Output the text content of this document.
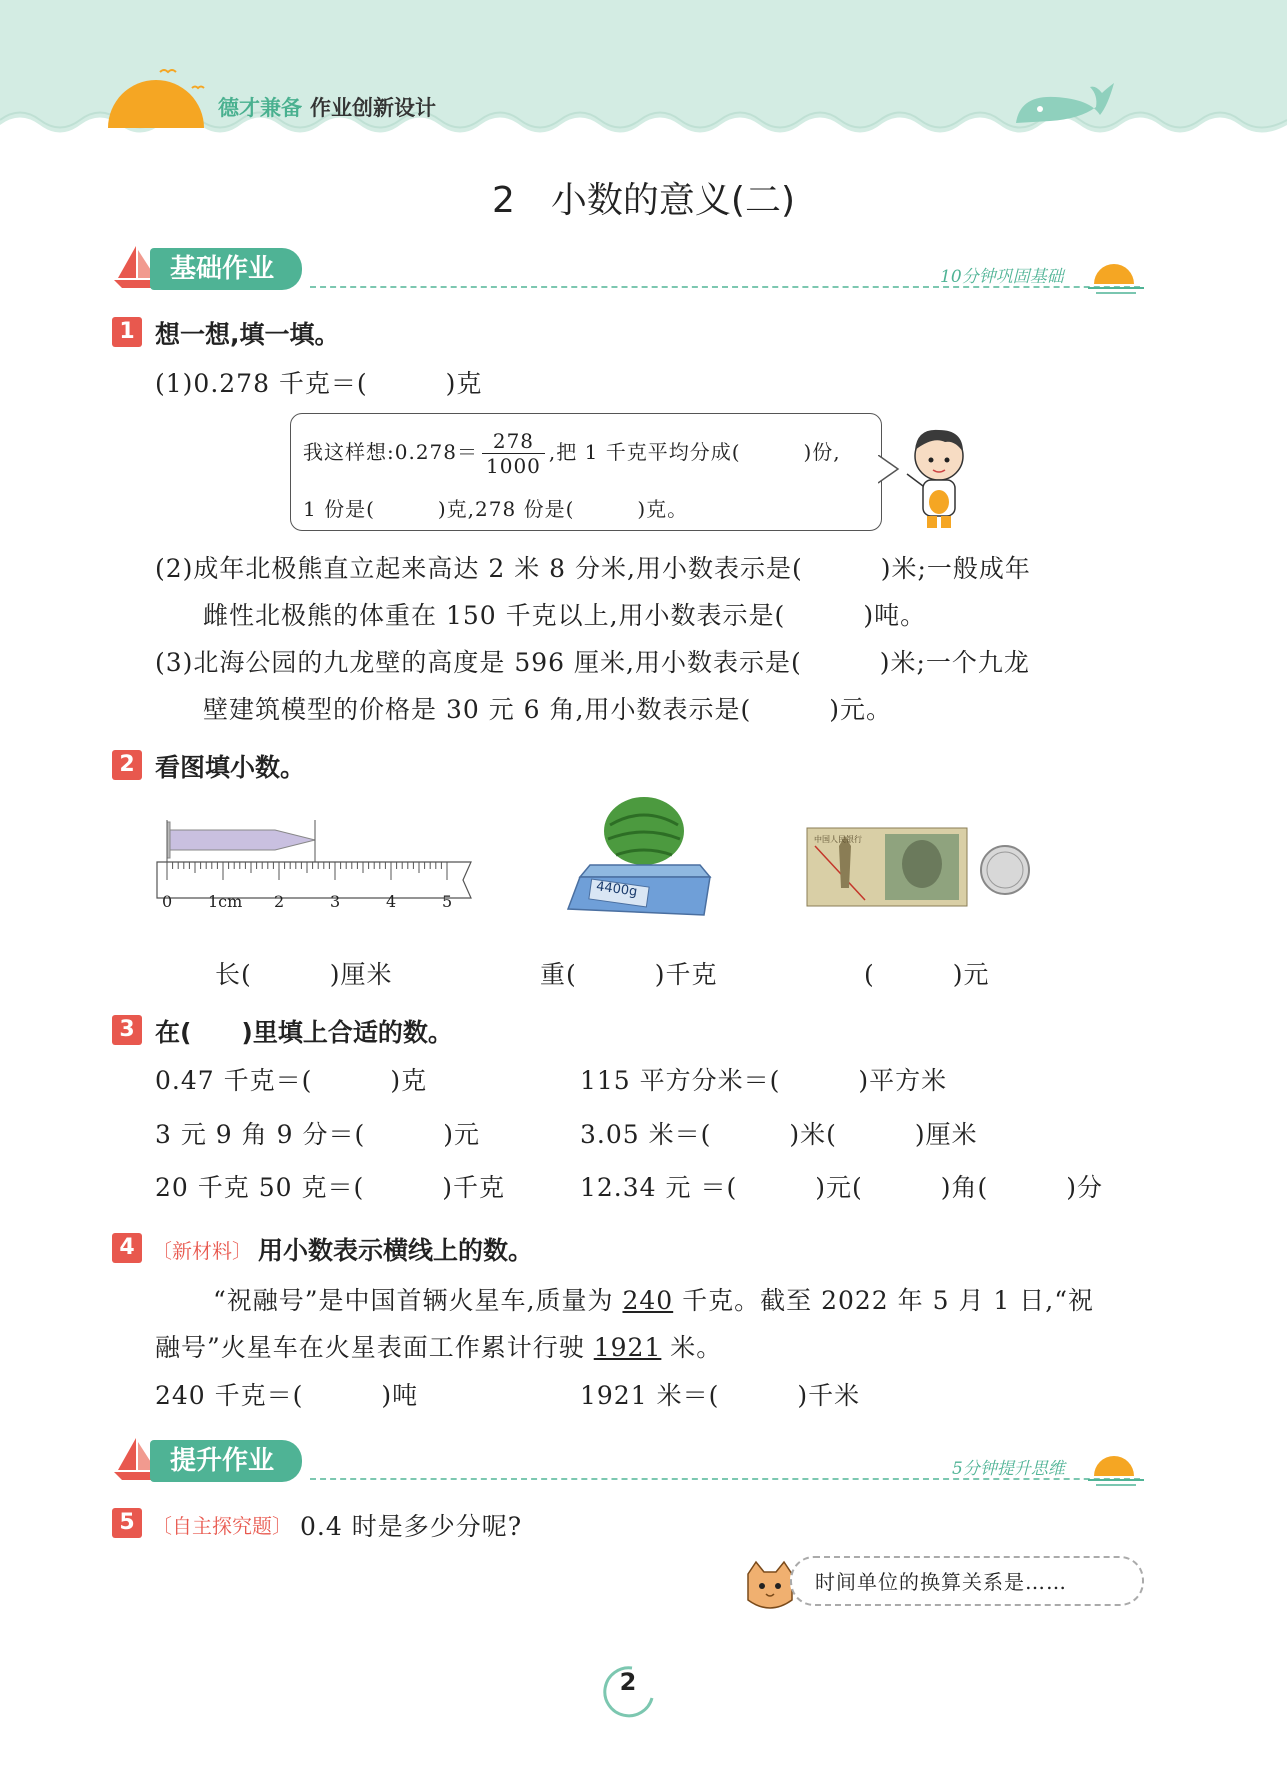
德才兼备 作业创新设计
2　小数的意义(二)
基础作业	10分钟巩固基础
1 想一想,填一填。
(1)0.278 千克＝(　　　)克
我这样想:0.278＝ $\frac{278}{1000}$ ,把 1 千克平均分成(　　　)份,
1 份是(　　　)克,278 份是(　　　)克。
(2)成年北极熊直立起来高达 2 米 8 分米,用小数表示是(　　　)米;一般成年
雌性北极熊的体重在 150 千克以上,用小数表示是(　　　)吨。
(3)北海公园的九龙壁的高度是 596 厘米,用小数表示是(　　　)米;一个九龙
壁建筑模型的价格是 30 元 6 角,用小数表示是(　　　)元。
2 看图填小数。
0 1cm 2	3	4	5
4400g
中国人民银行
长(　　　)厘米	重(　　　)千克	(　　　)元
3 在(　　)里填上合适的数。
0.47 千克＝(　　　)克	115 平方分米＝(　　　)平方米
3 元 9 角 9 分＝(　　　)元	3.05 米＝(　　　)米(　　　)厘米
20 千克 50 克＝(　　　)千克	12.34 元 ＝(　　　)元(　　　)角(　　　)分
4 〔新材料〕 用小数表示横线上的数。
“祝融号”是中国首辆火星车,质量为 240 千克。截至 2022 年 5 月 1 日,“祝
融号”火星车在火星表面工作累计行驶 1921 米。
240 千克＝(　　　)吨	1921 米＝(　　　)千米
提升作业	5分钟提升思维
5 〔自主探究题〕 0.4 时是多少分呢?
时间单位的换算关系是……
2
